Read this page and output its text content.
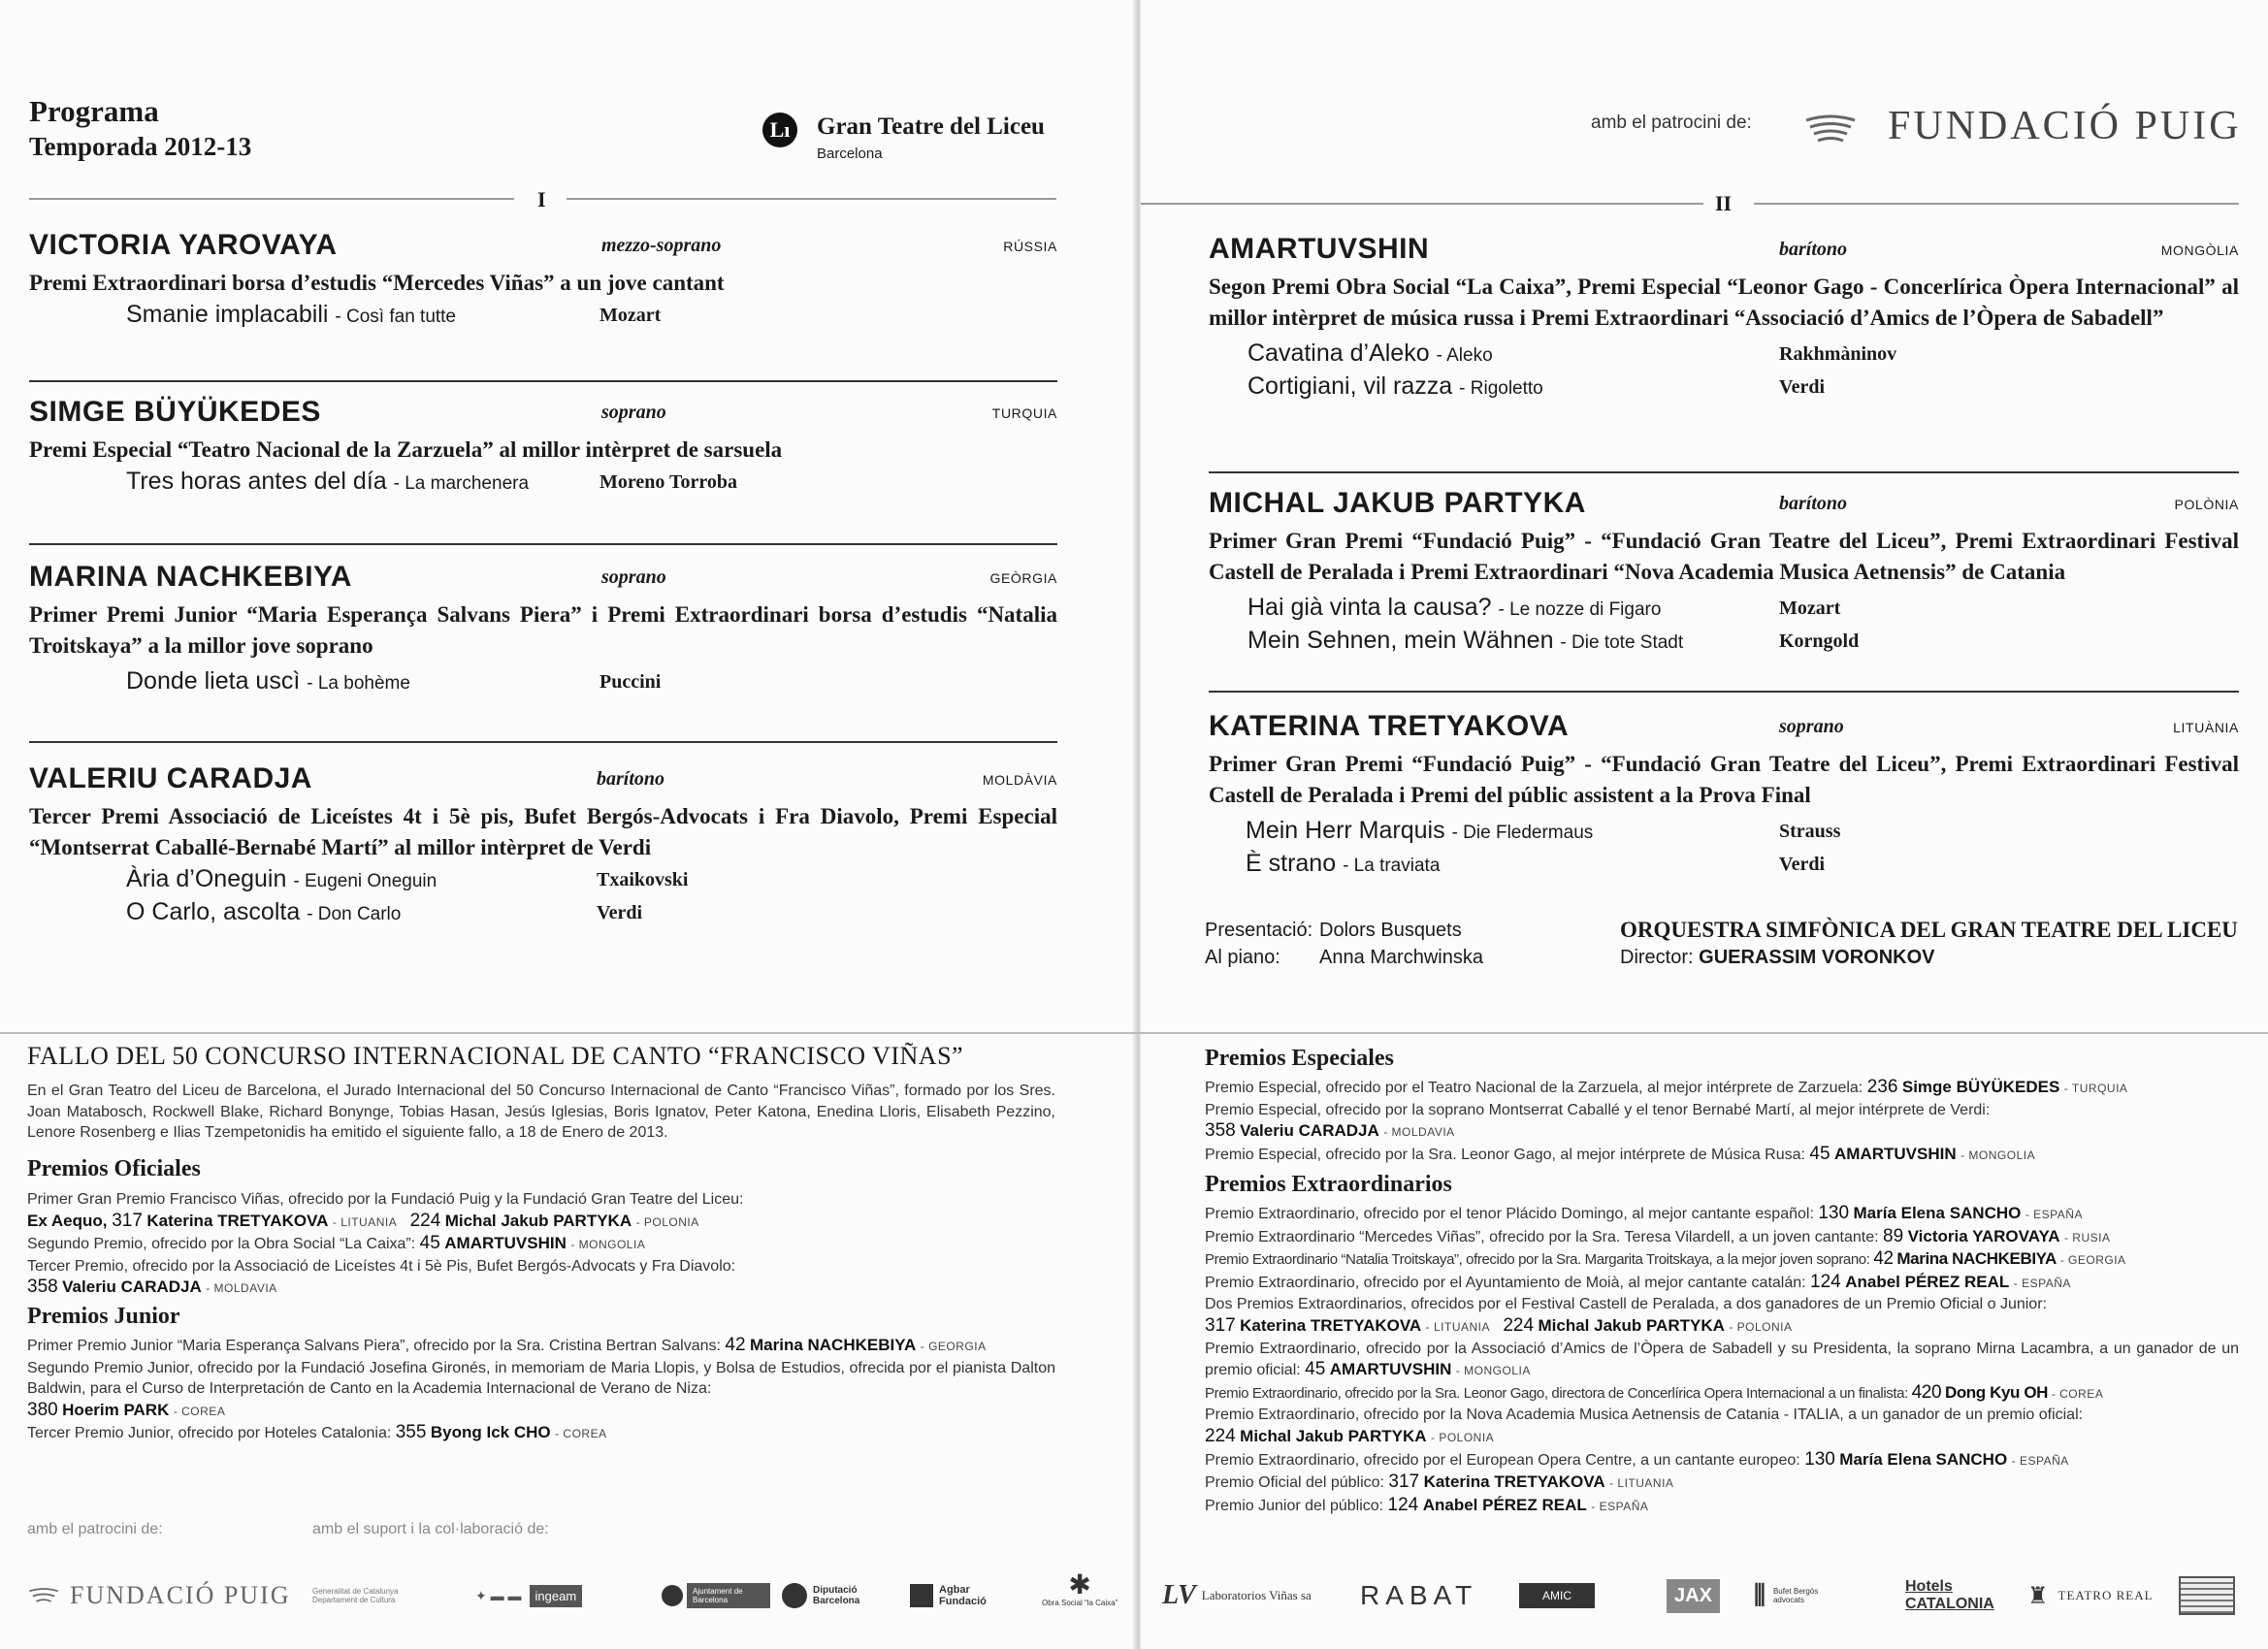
Programa
Temporada 2012-13
Lı	Gran Teatre del Liceu
Barcelona
I
VICTORIA YAROVAYA	mezzo-soprano	RÚSSIA
Premi Extraordinari borsa d’estudis “Mercedes Viñas” a un jove cantant
Smanie implacabili - Così fan tutte	Mozart
SIMGE BÜYÜKEDES	soprano	TURQUIA
Premi Especial “Teatro Nacional de la Zarzuela” al millor intèrpret de sarsuela
Tres horas antes del día - La marchenera	Moreno Torroba
MARINA NACHKEBIYA	soprano	GEÒRGIA
Primer Premi Junior “Maria Esperança Salvans Piera” i Premi Extraordinari borsa d’estudis “Natalia Troitskaya” a la millor jove soprano
Donde lieta uscì - La bohème	Puccini
VALERIU CARADJA	barítono	MOLDÀVIA
Tercer Premi Associació de Liceístes 4t i 5è pis, Bufet Bergós-Advocats i Fra Diavolo, Premi Especial “Montserrat Caballé-Bernabé Martí” al millor intèrpret de Verdi
Ària d’Oneguin - Eugeni Oneguin	Txaikovski
O Carlo, ascolta - Don Carlo	Verdi
FALLO DEL 50 CONCURSO INTERNACIONAL DE CANTO “FRANCISCO VIÑAS”
En el Gran Teatro del Liceu de Barcelona, el Jurado Internacional del 50 Concurso Internacional de Canto “Francisco Viñas”, formado por los Sres. Joan Matabosch, Rockwell Blake, Richard Bonynge, Tobias Hasan, Jesús Iglesias, Boris Ignatov, Peter Katona, Enedina Lloris, Elisabeth Pezzino, Lenore Rosenberg e Ilias Tzempetonidis ha emitido el siguiente fallo, a 18 de Enero de 2013.
Premios Oficiales
Primer Gran Premio Francisco Viñas, ofrecido por la Fundació Puig y la Fundació Gran Teatre del Liceu:
Ex Aequo, 317 Katerina TRETYAKOVA - LITUANIA 224 Michal Jakub PARTYKA - POLONIA
Segundo Premio, ofrecido por la Obra Social “La Caixa”: 45 AMARTUVSHIN - MONGOLIA
Tercer Premio, ofrecido por la Associació de Liceístes 4t i 5è Pis, Bufet Bergós-Advocats y Fra Diavolo:
358 Valeriu CARADJA - MOLDAVIA
Premios Junior
Primer Premio Junior “Maria Esperança Salvans Piera”, ofrecido por la Sra. Cristina Bertran Salvans: 42 Marina NACHKEBIYA - GEORGIA
Segundo Premio Junior, ofrecido por la Fundació Josefina Gironés, in memoriam de Maria Llopis, y Bolsa de Estudios, ofrecida por el pianista Dalton Baldwin, para el Curso de Interpretación de Canto en la Academia Internacional de Verano de Niza:
380 Hoerim PARK - COREA
Tercer Premio Junior, ofrecido por Hoteles Catalonia: 355 Byong Ick CHO - COREA
amb el patrocini de:	amb el suport i la col·laboració de:
amb el patrocini de:	FUNDACIÓ PUIG
II
AMARTUVSHIN	barítono	MONGÒLIA
Segon Premi Obra Social “La Caixa”, Premi Especial “Leonor Gago - Concerlírica Òpera Internacional” al millor intèrpret de música russa i Premi Extraordinari “Associació d’Amics de l’Òpera de Sabadell”
Cavatina d’Aleko - Aleko	Rakhmàninov
Cortigiani, vil razza - Rigoletto	Verdi
MICHAL JAKUB PARTYKA	barítono	POLÒNIA
Primer Gran Premi “Fundació Puig” - “Fundació Gran Teatre del Liceu”, Premi Extraordinari Festival Castell de Peralada i Premi Extraordinari “Nova Academia Musica Aetnensis” de Catania
Hai già vinta la causa? - Le nozze di Figaro	Mozart
Mein Sehnen, mein Wähnen - Die tote Stadt	Korngold
KATERINA TRETYAKOVA	soprano	LITUÀNIA
Primer Gran Premi “Fundació Puig” - “Fundació Gran Teatre del Liceu”, Premi Extraordinari Festival Castell de Peralada i Premi del públic assistent a la Prova Final
Mein Herr Marquis - Die Fledermaus	Strauss
È strano - La traviata	Verdi
Presentació: Dolors Busquets
Al piano: Anna Marchwinska
ORQUESTRA SIMFÒNICA DEL GRAN TEATRE DEL LICEU
Director: GUERASSIM VORONKOV
Premios Especiales
Premio Especial, ofrecido por el Teatro Nacional de la Zarzuela, al mejor intérprete de Zarzuela: 236 Simge BÜYÜKEDES - TURQUIA
Premio Especial, ofrecido por la soprano Montserrat Caballé y el tenor Bernabé Martí, al mejor intérprete de Verdi:
358 Valeriu CARADJA - MOLDAVIA
Premio Especial, ofrecido por la Sra. Leonor Gago, al mejor intérprete de Música Rusa: 45 AMARTUVSHIN - MONGOLIA
Premios Extraordinarios
Premio Extraordinario, ofrecido por el tenor Plácido Domingo, al mejor cantante español: 130 María Elena SANCHO - ESPAÑA
Premio Extraordinario “Mercedes Viñas”, ofrecido por la Sra. Teresa Vilardell, a un joven cantante: 89 Victoria YAROVAYA - RUSIA
Premio Extraordinario “Natalia Troitskaya”, ofrecido por la Sra. Margarita Troitskaya, a la mejor joven soprano: 42 Marina NACHKEBIYA - GEORGIA
Premio Extraordinario, ofrecido por el Ayuntamiento de Moià, al mejor cantante catalán: 124 Anabel PÉREZ REAL - ESPAÑA
Dos Premios Extraordinarios, ofrecidos por el Festival Castell de Peralada, a dos ganadores de un Premio Oficial o Junior:
317 Katerina TRETYAKOVA - LITUANIA 224 Michal Jakub PARTYKA - POLONIA
Premio Extraordinario, ofrecido por la Associació d’Amics de l’Òpera de Sabadell y su Presidenta, la soprano Mirna Lacambra, a un ganador de un premio oficial: 45 AMARTUVSHIN - MONGOLIA
Premio Extraordinario, ofrecido por la Sra. Leonor Gago, directora de Concerlírica Opera Internacional a un finalista: 420 Dong Kyu OH - COREA
Premio Extraordinario, ofrecido por la Nova Academia Musica Aetnensis de Catania - ITALIA, a un ganador de un premio oficial:
224 Michal Jakub PARTYKA - POLONIA
Premio Extraordinario, ofrecido por el European Opera Centre, a un cantante europeo: 130 María Elena SANCHO - ESPAÑA
Premio Oficial del público: 317 Katerina TRETYAKOVA - LITUANIA
Premio Junior del público: 124 Anabel PÉREZ REAL - ESPAÑA
FUNDACIÓ PUIG	Generalitat de Catalunya Departament de Cultura	✦ ▬ ▬	ingeam	Ajuntament de Barcelona
Diputació Barcelona
Agbar Fundació
✱
Obra Social “la Caixa” LV Laboratorios Viñas sa RABAT	AMIC	JAX	⫼ Bufet Bergós advocats
Hotels CATALONIA ♜ TEATRO REAL
